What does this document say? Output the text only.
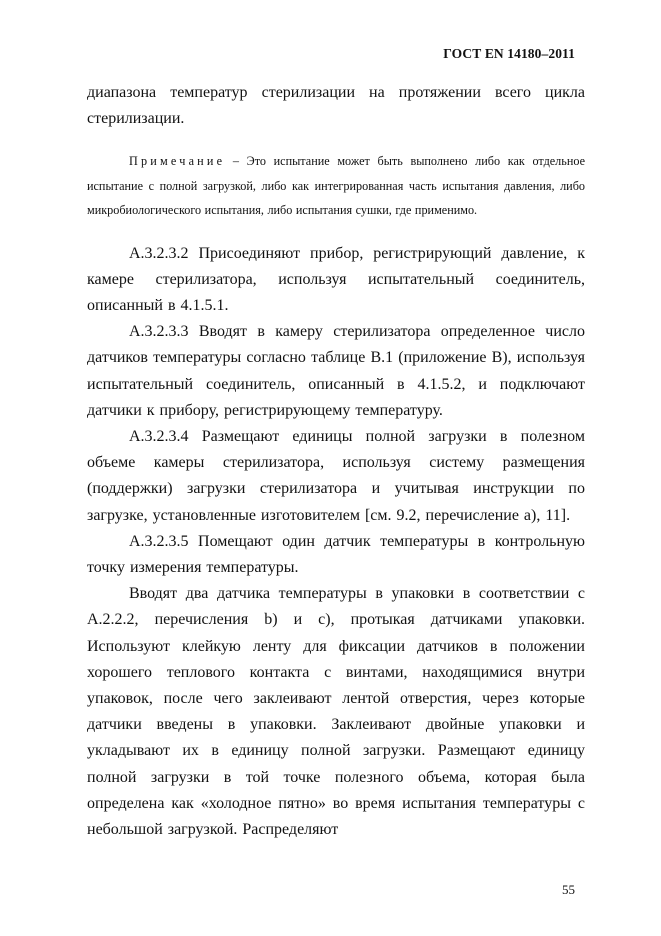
ГОСТ EN 14180–2011

диапазона температур стерилизации на протяжении всего цикла стерилизации.

Примечание – Это испытание может быть выполнено либо как отдельное испытание с полной загрузкой, либо как интегрированная часть испытания давления, либо микробиологического испытания, либо испытания сушки, где применимо.

А.3.2.3.2 Присоединяют прибор, регистрирующий давление, к камере стерилизатора, используя испытательный соединитель, описанный в 4.1.5.1.

А.3.2.3.3 Вводят в камеру стерилизатора определенное число датчиков температуры согласно таблице В.1 (приложение В), используя испытательный соединитель, описанный в 4.1.5.2, и подключают датчики к прибору, регистрирующему температуру.

А.3.2.3.4 Размещают единицы полной загрузки в полезном объеме камеры стерилизатора, используя систему размещения (поддержки) загрузки стерилизатора и учитывая инструкции по загрузке, установленные изготовителем [см. 9.2, перечисление а), 11].

А.3.2.3.5 Помещают один датчик температуры в контрольную точку измерения температуры.

Вводят два датчика температуры в упаковки в соответствии с А.2.2.2, перечисления b) и с), протыкая датчиками упаковки. Используют клейкую ленту для фиксации датчиков в положении хорошего теплового контакта с винтами, находящимися внутри упаковок, после чего заклеивают лентой отверстия, через которые датчики введены в упаковки. Заклеивают двойные упаковки и укладывают их в единицу полной загрузки. Размещают единицу полной загрузки в той точке полезного объема, которая была определена как «холодное пятно» во время испытания температуры с небольшой загрузкой. Распределяют

55
